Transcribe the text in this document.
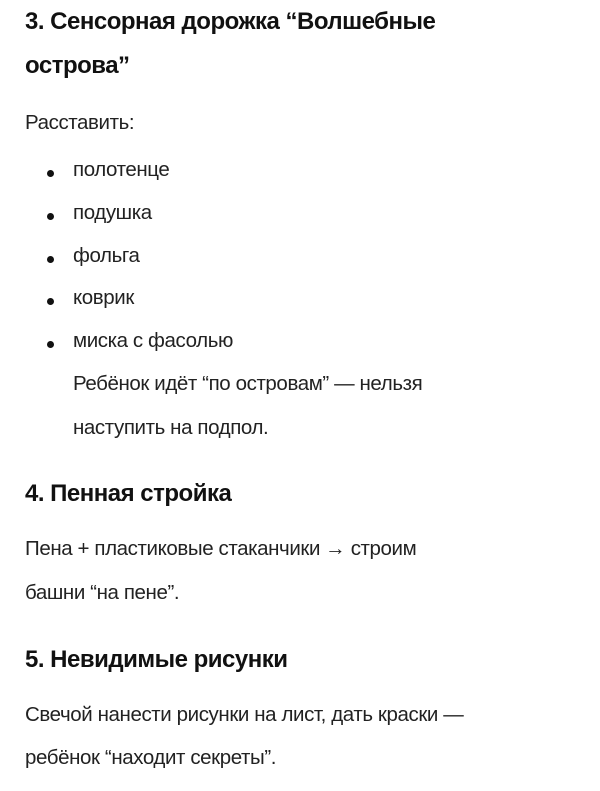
3. Сенсорная дорожка “Волшебные
острова”
Расставить:
полотенце
подушка
фольга
коврик
миска с фасолью
Ребёнок идёт “по островам” — нельзя
наступить на подпол.
4. Пенная стройка
Пена + пластиковые стаканчики → строим
башни “на пене”.
5. Невидимые рисунки
Свечой нанести рисунки на лист, дать краски —
ребёнок “находит секреты”.
